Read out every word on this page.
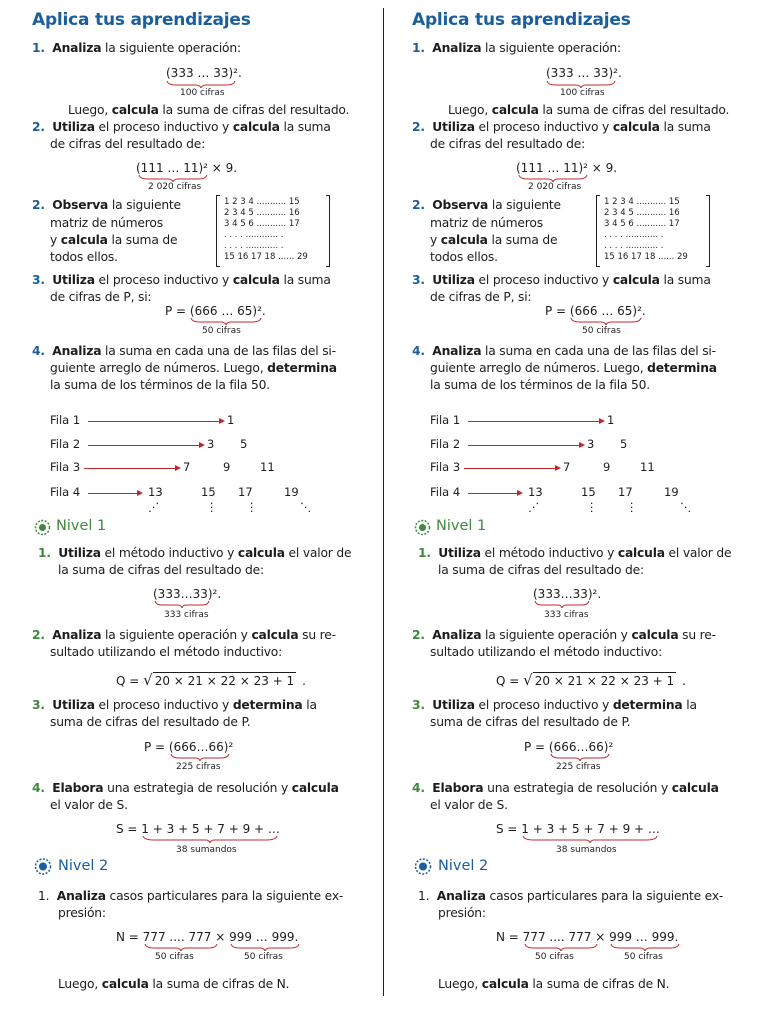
Aplica tus aprendizajes
1. Analiza la siguiente operación:
(333 … 33)².
100 cifras
Luego, calcula la suma de cifras del resultado.
2. Utiliza el proceso inductivo y calcula la suma
de cifras del resultado de:
(111 … 11)² × 9.
2 020 cifras
2. Observa la siguiente
matriz de números
y calcula la suma de
todos ellos.
1 2 3 4 ........... 15
2 3 4 5 ........... 16
3 4 5 6 ........... 17
. . . . ............ .
. . . . ............ .
15 16 17 18 ...... 29
3. Utiliza el proceso inductivo y calcula la suma
de cifras de P, si:
P = (666 … 65)².
50 cifras
4. Analiza la suma en cada una de las filas del si-
guiente arreglo de números. Luego, determina
la suma de los términos de la fila 50.
Fila 1	1
Fila 2	3 5
Fila 3	7	9	11
Fila 4	13	15 17	19
⋰	⋮ ⋮	⋱
Nivel 1
1. Utiliza el método inductivo y calcula el valor de
la suma de cifras del resultado de:
(333…33)².
333 cifras
2. Analiza la siguiente operación y calcula su re-
sultado utilizando el método inductivo:
Q = √ 20 × 21 × 22 × 23 + 1 .
3. Utiliza el proceso inductivo y determina la
suma de cifras del resultado de P.
P = (666…66)²
225 cifras
4. Elabora una estrategia de resolución y calcula
el valor de S.
S = 1 + 3 + 5 + 7 + 9 + …
38 sumandos
Nivel 2
1. Analiza casos particulares para la siguiente ex-
presión:
N = 777 .... 777 × 999 … 999.
50 cifras	50 cifras
Luego, calcula la suma de cifras de N.
Aplica tus aprendizajes
1. Analiza la siguiente operación:
(333 … 33)².
100 cifras
Luego, calcula la suma de cifras del resultado.
2. Utiliza el proceso inductivo y calcula la suma
de cifras del resultado de:
(111 … 11)² × 9.
2 020 cifras
2. Observa la siguiente
matriz de números
y calcula la suma de
todos ellos.
1 2 3 4 ........... 15
2 3 4 5 ........... 16
3 4 5 6 ........... 17
. . . . ............ .
. . . . ............ .
15 16 17 18 ...... 29
3. Utiliza el proceso inductivo y calcula la suma
de cifras de P, si:
P = (666 … 65)².
50 cifras
4. Analiza la suma en cada una de las filas del si-
guiente arreglo de números. Luego, determina
la suma de los términos de la fila 50.
Fila 1	1
Fila 2	3 5
Fila 3	7	9	11
Fila 4	13	15 17	19
⋰	⋮ ⋮	⋱
Nivel 1
1. Utiliza el método inductivo y calcula el valor de
la suma de cifras del resultado de:
(333…33)².
333 cifras
2. Analiza la siguiente operación y calcula su re-
sultado utilizando el método inductivo:
Q = √ 20 × 21 × 22 × 23 + 1 .
3. Utiliza el proceso inductivo y determina la
suma de cifras del resultado de P.
P = (666…66)²
225 cifras
4. Elabora una estrategia de resolución y calcula
el valor de S.
S = 1 + 3 + 5 + 7 + 9 + …
38 sumandos
Nivel 2
1. Analiza casos particulares para la siguiente ex-
presión:
N = 777 .... 777 × 999 … 999.
50 cifras	50 cifras
Luego, calcula la suma de cifras de N.
